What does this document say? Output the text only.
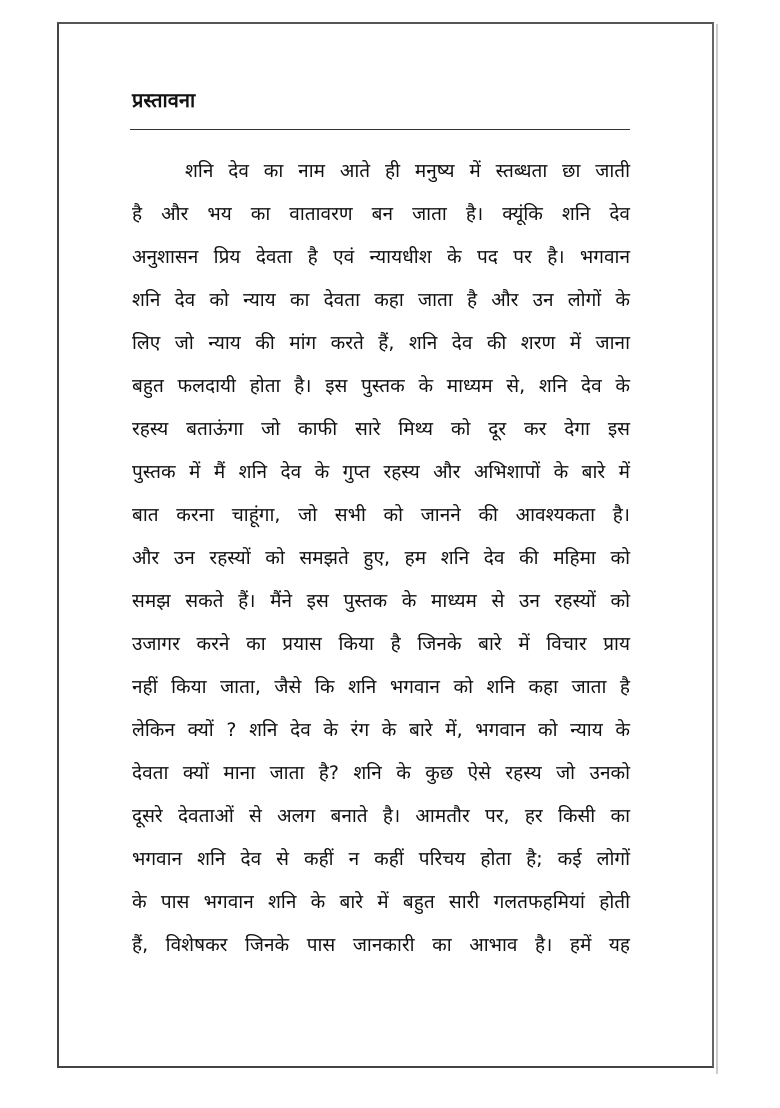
प्रस्तावना
शनि देव का नाम आते ही मनुष्य में स्तब्धता छा जाती
है और भय का वातावरण बन जाता है। क्यूंकि शनि देव
अनुशासन प्रिय देवता है एवं न्यायधीश के पद पर है। भगवान
शनि देव को न्याय का देवता कहा जाता है और उन लोगों के
लिए जो न्याय की मांग करते हैं, शनि देव की शरण में जाना
बहुत फलदायी होता है। इस पुस्तक के माध्यम से, शनि देव के
रहस्य बताऊंगा जो काफी सारे मिथ्य को दूर कर देगा इस
पुस्तक में मैं शनि देव के गुप्त रहस्य और अभिशापों के बारे में
बात करना चाहूंगा, जो सभी को जानने की आवश्यकता है।
और उन रहस्यों को समझते हुए, हम शनि देव की महिमा को
समझ सकते हैं। मैंने इस पुस्तक के माध्यम से उन रहस्यों को
उजागर करने का प्रयास किया है जिनके बारे में विचार प्राय
नहीं किया जाता, जैसे कि शनि भगवान को शनि कहा जाता है
लेकिन क्यों ? शनि देव के रंग के बारे में, भगवान को न्याय के
देवता क्यों माना जाता है? शनि के कुछ ऐसे रहस्य जो उनको
दूसरे देवताओं से अलग बनाते है। आमतौर पर, हर किसी का
भगवान शनि देव से कहीं न कहीं परिचय होता है; कई लोगों
के पास भगवान शनि के बारे में बहुत सारी गलतफहमियां होती
हैं, विशेषकर जिनके पास जानकारी का आभाव है। हमें यह
